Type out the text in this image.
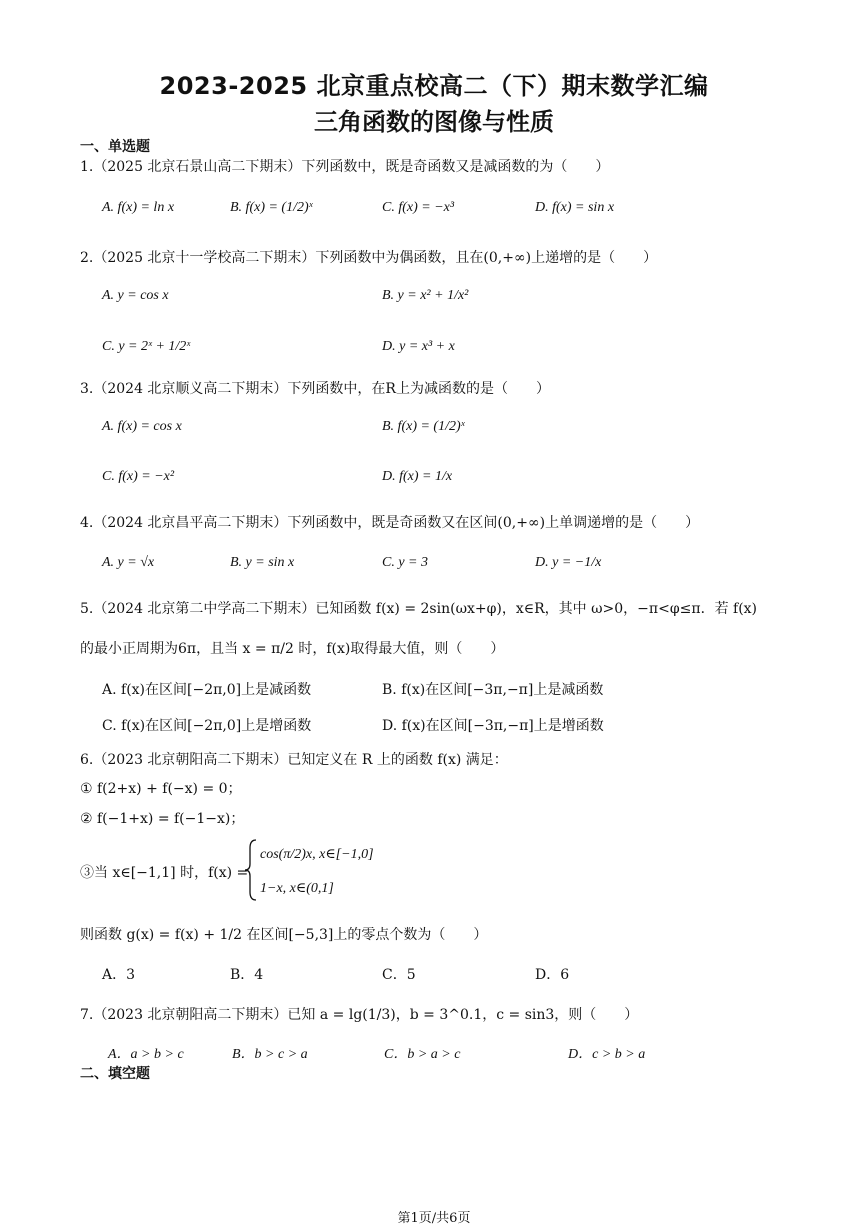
2023-2025 北京重点校高二（下）期末数学汇编
三角函数的图像与性质
一、单选题
1.（2025 北京石景山高二下期末）下列函数中，既是奇函数又是减函数的为（　　）
A. f(x) = ln x	B. f(x) = (1/2)ˣ	C. f(x) = −x³	D. f(x) = sin x
2.（2025 北京十一学校高二下期末）下列函数中为偶函数，且在(0,+∞)上递增的是（　　）
A. y = cos x	B. y = x² + 1/x²
C. y = 2ˣ + 1/2ˣ	D. y = x³ + x
3.（2024 北京顺义高二下期末）下列函数中，在R上为减函数的是（　　）
A. f(x) = cos x	B. f(x) = (1/2)ˣ
C. f(x) = −x²	D. f(x) = 1/x
4.（2024 北京昌平高二下期末）下列函数中，既是奇函数又在区间(0,+∞)上单调递增的是（　　）
A. y = √x	B. y = sin x	C. y = 3	D. y = −1/x
5.（2024 北京第二中学高二下期末）已知函数 f(x) = 2sin(ωx+φ)，x∈R，其中 ω>0，−π<φ≤π．若 f(x)
的最小正周期为6π，且当 x = π/2 时，f(x)取得最大值，则（　　）
A. f(x)在区间[−2π,0]上是减函数	B. f(x)在区间[−3π,−π]上是减函数
C. f(x)在区间[−2π,0]上是增函数	D. f(x)在区间[−3π,−π]上是增函数
6.（2023 北京朝阳高二下期末）已知定义在 R 上的函数 f(x) 满足：
① f(2+x) + f(−x) = 0；
② f(−1+x) = f(−1−x)；
③当 x∈[−1,1] 时，f(x) =
cos(π/2)x, x∈[−1,0]
1−x, x∈(0,1]
则函数 g(x) = f(x) + 1/2 在区间[−5,3]上的零点个数为（　　）
A．3	B．4	C．5	D．6
7.（2023 北京朝阳高二下期末）已知 a = lg(1/3)，b = 3^0.1，c = sin3，则（　　）
A．a > b > c	B．b > c > a	C．b > a > c	D．c > b > a
二、填空题
第1页/共6页
